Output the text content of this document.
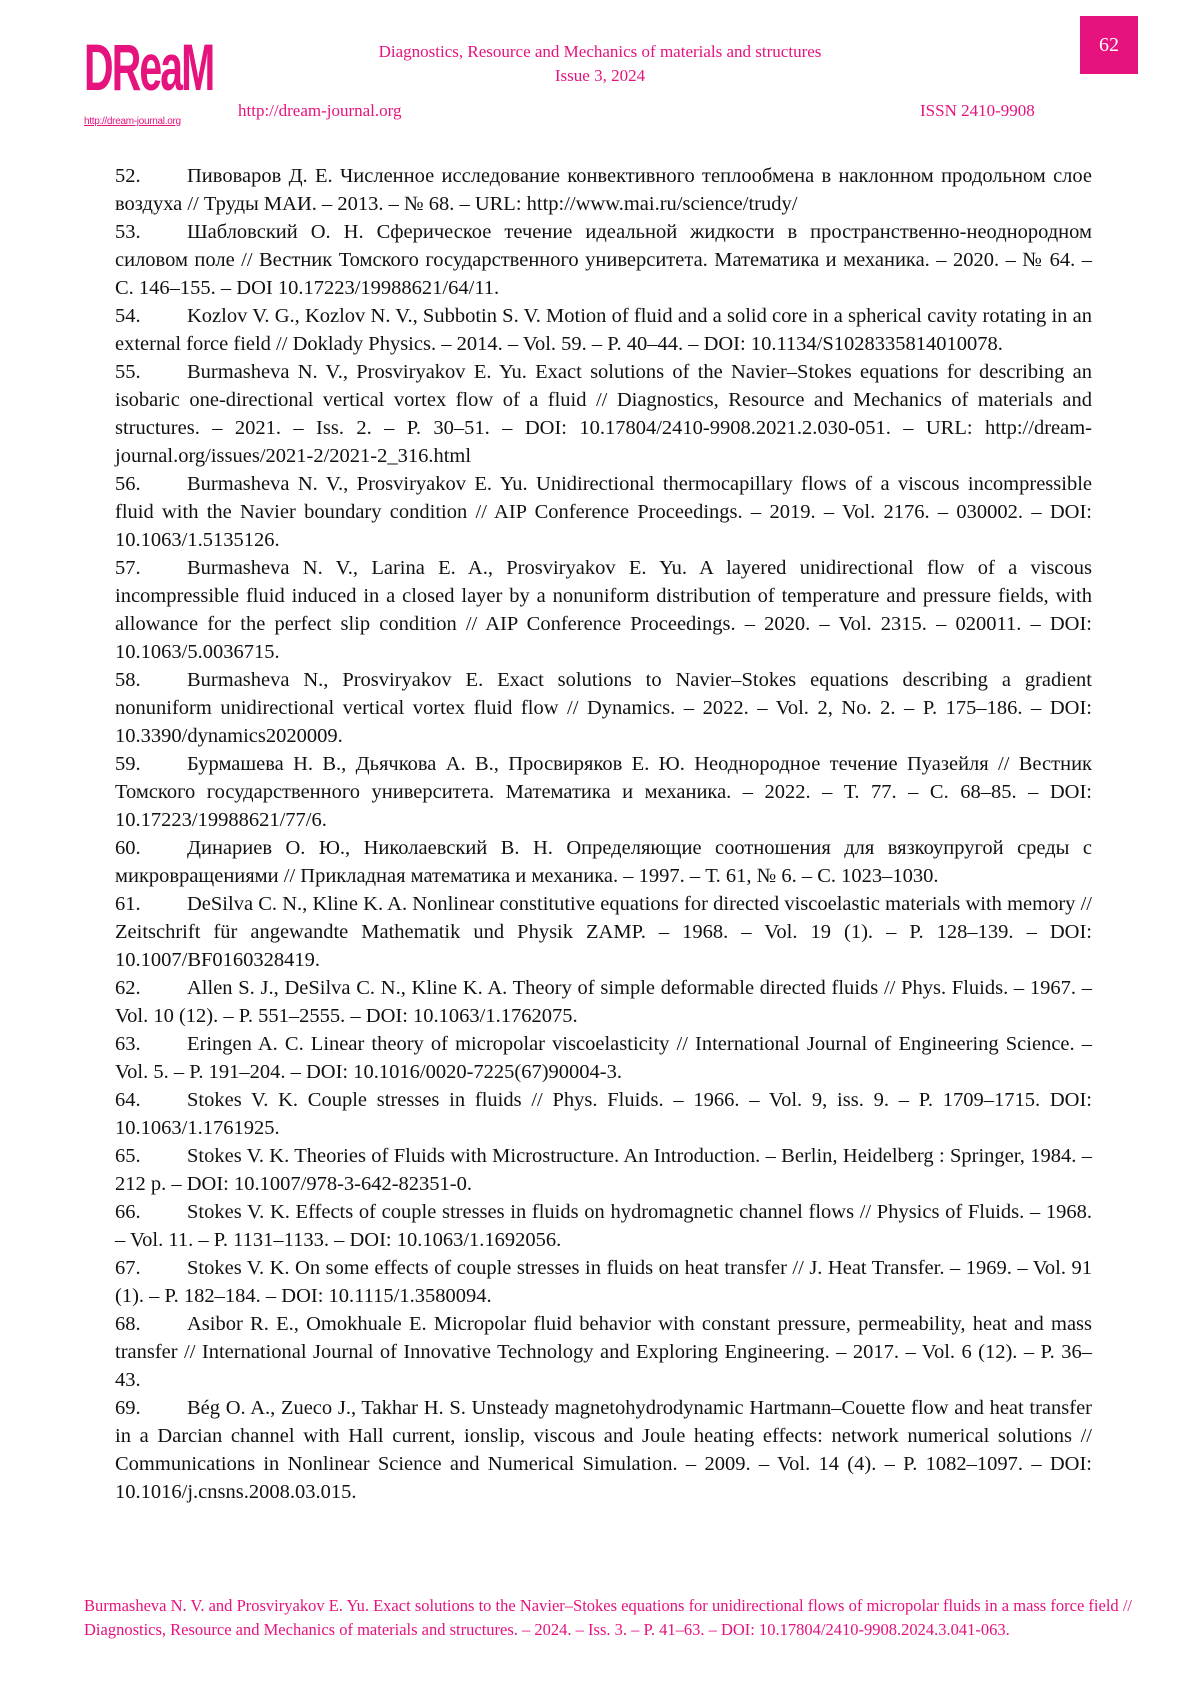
DReaM
http://dream-journal.org
Diagnostics, Resource and Mechanics of materials and structures
Issue 3, 2024
62
http://dream-journal.org	ISSN 2410-9908

52. Пивоваров Д. Е. Численное исследование конвективного теплообмена в наклонном продольном слое воздуха // Труды МАИ. – 2013. – № 68. – URL: http://www.mai.ru/science/trudy/

53. Шабловский О. Н. Сферическое течение идеальной жидкости в пространственно-неоднородном силовом поле // Вестник Томского государственного университета. Математика и механика. – 2020. – № 64. – С. 146–155. – DOI 10.17223/19988621/64/11.

54. Kozlov V. G., Kozlov N. V., Subbotin S. V. Motion of fluid and a solid core in a spherical cavity rotating in an external force field // Doklady Physics. – 2014. – Vol. 59. – P. 40–44. – DOI: 10.1134/S1028335814010078.

55. Burmasheva N. V., Prosviryakov E. Yu. Exact solutions of the Navier–Stokes equations for describing an isobaric one-directional vertical vortex flow of a fluid // Diagnostics, Resource and Mechanics of materials and structures. – 2021. – Iss. 2. – P. 30–51. – DOI: 10.17804/2410-9908.2021.2.030-051. – URL: http://dream-journal.org/issues/2021-2/2021-2_316.html

56. Burmasheva N. V., Prosviryakov E. Yu. Unidirectional thermocapillary flows of a viscous incompressible fluid with the Navier boundary condition // AIP Conference Proceedings. – 2019. – Vol. 2176. – 030002. – DOI: 10.1063/1.5135126.

57. Burmasheva N. V., Larina E. A., Prosviryakov E. Yu. A layered unidirectional flow of a viscous incompressible fluid induced in a closed layer by a nonuniform distribution of temperature and pressure fields, with allowance for the perfect slip condition // AIP Conference Proceedings. – 2020. – Vol. 2315. – 020011. – DOI: 10.1063/5.0036715.

58. Burmasheva N., Prosviryakov E. Exact solutions to Navier–Stokes equations describing a gradient nonuniform unidirectional vertical vortex fluid flow // Dynamics. – 2022. – Vol. 2, No. 2. – P. 175–186. – DOI: 10.3390/dynamics2020009.

59. Бурмашева Н. В., Дьячкова А. В., Просвиряков Е. Ю. Неоднородное течение Пуазейля // Вестник Томского государственного университета. Математика и механика. – 2022. – Т. 77. – С. 68–85. – DOI: 10.17223/19988621/77/6.

60. Динариев О. Ю., Николаевский В. Н. Определяющие соотношения для вязкоупругой среды с микровращениями // Прикладная математика и механика. – 1997. – Т. 61, № 6. – С. 1023–1030.

61. DeSilva C. N., Kline K. A. Nonlinear constitutive equations for directed viscoelastic materials with memory // Zeitschrift für angewandte Mathematik und Physik ZAMP. – 1968. – Vol. 19 (1). – P. 128–139. – DOI: 10.1007/BF0160328419.

62. Allen S. J., DeSilva C. N., Kline K. A. Theory of simple deformable directed fluids // Phys. Fluids. – 1967. – Vol. 10 (12). – P. 551–2555. – DOI: 10.1063/1.1762075.

63. Eringen A. C. Linear theory of micropolar viscoelasticity // International Journal of Engineering Science. – Vol. 5. – P. 191–204. – DOI: 10.1016/0020-7225(67)90004-3.

64. Stokes V. K. Couple stresses in fluids // Phys. Fluids. – 1966. – Vol. 9, iss. 9. – P. 1709–1715. DOI: 10.1063/1.1761925.

65. Stokes V. K. Theories of Fluids with Microstructure. An Introduction. – Berlin, Heidelberg : Springer, 1984. – 212 p. – DOI: 10.1007/978-3-642-82351-0.

66. Stokes V. K. Effects of couple stresses in fluids on hydromagnetic channel flows // Physics of Fluids. – 1968. – Vol. 11. – P. 1131–1133. – DOI: 10.1063/1.1692056.

67. Stokes V. K. On some effects of couple stresses in fluids on heat transfer // J. Heat Transfer. – 1969. – Vol. 91 (1). – P. 182–184. – DOI: 10.1115/1.3580094.

68. Asibor R. E., Omokhuale E. Micropolar fluid behavior with constant pressure, permeability, heat and mass transfer // International Journal of Innovative Technology and Exploring Engineering. – 2017. – Vol. 6 (12). – P. 36–43.

69. Bég O. A., Zueco J., Takhar H. S. Unsteady magnetohydrodynamic Hartmann–Couette flow and heat transfer in a Darcian channel with Hall current, ionslip, viscous and Joule heating effects: network numerical solutions // Communications in Nonlinear Science and Numerical Simulation. – 2009. – Vol. 14 (4). – P. 1082–1097. – DOI: 10.1016/j.cnsns.2008.03.015.

Burmasheva N. V. and Prosviryakov E. Yu. Exact solutions to the Navier–Stokes equations for unidirectional flows of micropolar fluids in a mass force field // Diagnostics, Resource and Mechanics of materials and structures. – 2024. – Iss. 3. – P. 41–63. – DOI: 10.17804/2410-9908.2024.3.041-063.
